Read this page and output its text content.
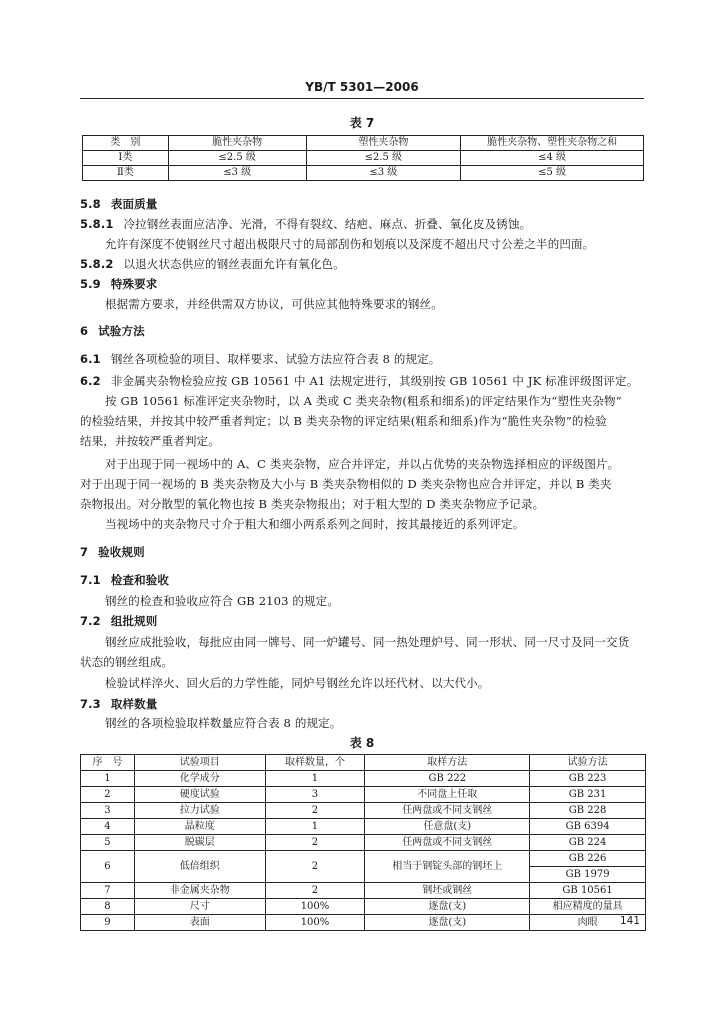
YB/T 5301—2006
表 7
类　别	脆性夹杂物	塑性夹杂物	脆性夹杂物、塑性夹杂物之和
Ⅰ类	≤2.5 级	≤2.5 级	≤4 级
Ⅱ类	≤3 级	≤3 级	≤5 级
5.8 表面质量
5.8.1 冷拉钢丝表面应洁净、光滑，不得有裂纹、结疤、麻点、折叠、氧化皮及锈蚀。
允许有深度不使钢丝尺寸超出极限尺寸的局部刮伤和划痕以及深度不超出尺寸公差之半的凹面。
5.8.2 以退火状态供应的钢丝表面允许有氧化色。
5.9 特殊要求
根据需方要求，并经供需双方协议，可供应其他特殊要求的钢丝。
6 试验方法
6.1 钢丝各项检验的项目、取样要求、试验方法应符合表 8 的规定。
6.2 非金属夹杂物检验应按 GB 10561 中 A1 法规定进行，其级别按 GB 10561 中 JK 标准评级图评定。
按 GB 10561 标准评定夹杂物时，以 A 类或 C 类夹杂物(粗系和细系)的评定结果作为“塑性夹杂物”
的检验结果，并按其中较严重者判定；以 B 类夹杂物的评定结果(粗系和细系)作为“脆性夹杂物”的检验
结果，并按较严重者判定。
对于出现于同一视场中的 A、C 类夹杂物，应合并评定，并以占优势的夹杂物选择相应的评级图片。
对于出现于同一视场的 B 类夹杂物及大小与 B 类夹杂物相似的 D 类夹杂物也应合并评定，并以 B 类夹
杂物报出。对分散型的氧化物也按 B 类夹杂物报出；对于粗大型的 D 类夹杂物应予记录。
当视场中的夹杂物尺寸介于粗大和细小两系系列之间时，按其最接近的系列评定。
7 验收规则
7.1 检查和验收
钢丝的检查和验收应符合 GB 2103 的规定。
7.2 组批规则
钢丝应成批验收，每批应由同一牌号、同一炉罐号、同一热处理炉号、同一形状、同一尺寸及同一交货
状态的钢丝组成。
检验试样淬火、回火后的力学性能，同炉号钢丝允许以坯代材、以大代小。
7.3 取样数量
钢丝的各项检验取样数量应符合表 8 的规定。
表 8
序　号	试验项目	取样数量，个	取样方法	试验方法
1	化学成分	1	GB 222	GB 223
2	硬度试验	3	不同盘上任取	GB 231
3	拉力试验	2	任两盘或不同支钢丝	GB 228
4	晶粒度	1	任意盘(支)	GB 6394
5	脱碳层	2	任两盘或不同支钢丝	GB 224
6	低倍组织	2	相当于钢锭头部的钢坯上	GB 226
				GB 1979
7	非金属夹杂物	2	钢坯或钢丝	GB 10561
8	尺寸	100%	逐盘(支)	相应精度的量具
9	表面	100%	逐盘(支)	肉眼 141
